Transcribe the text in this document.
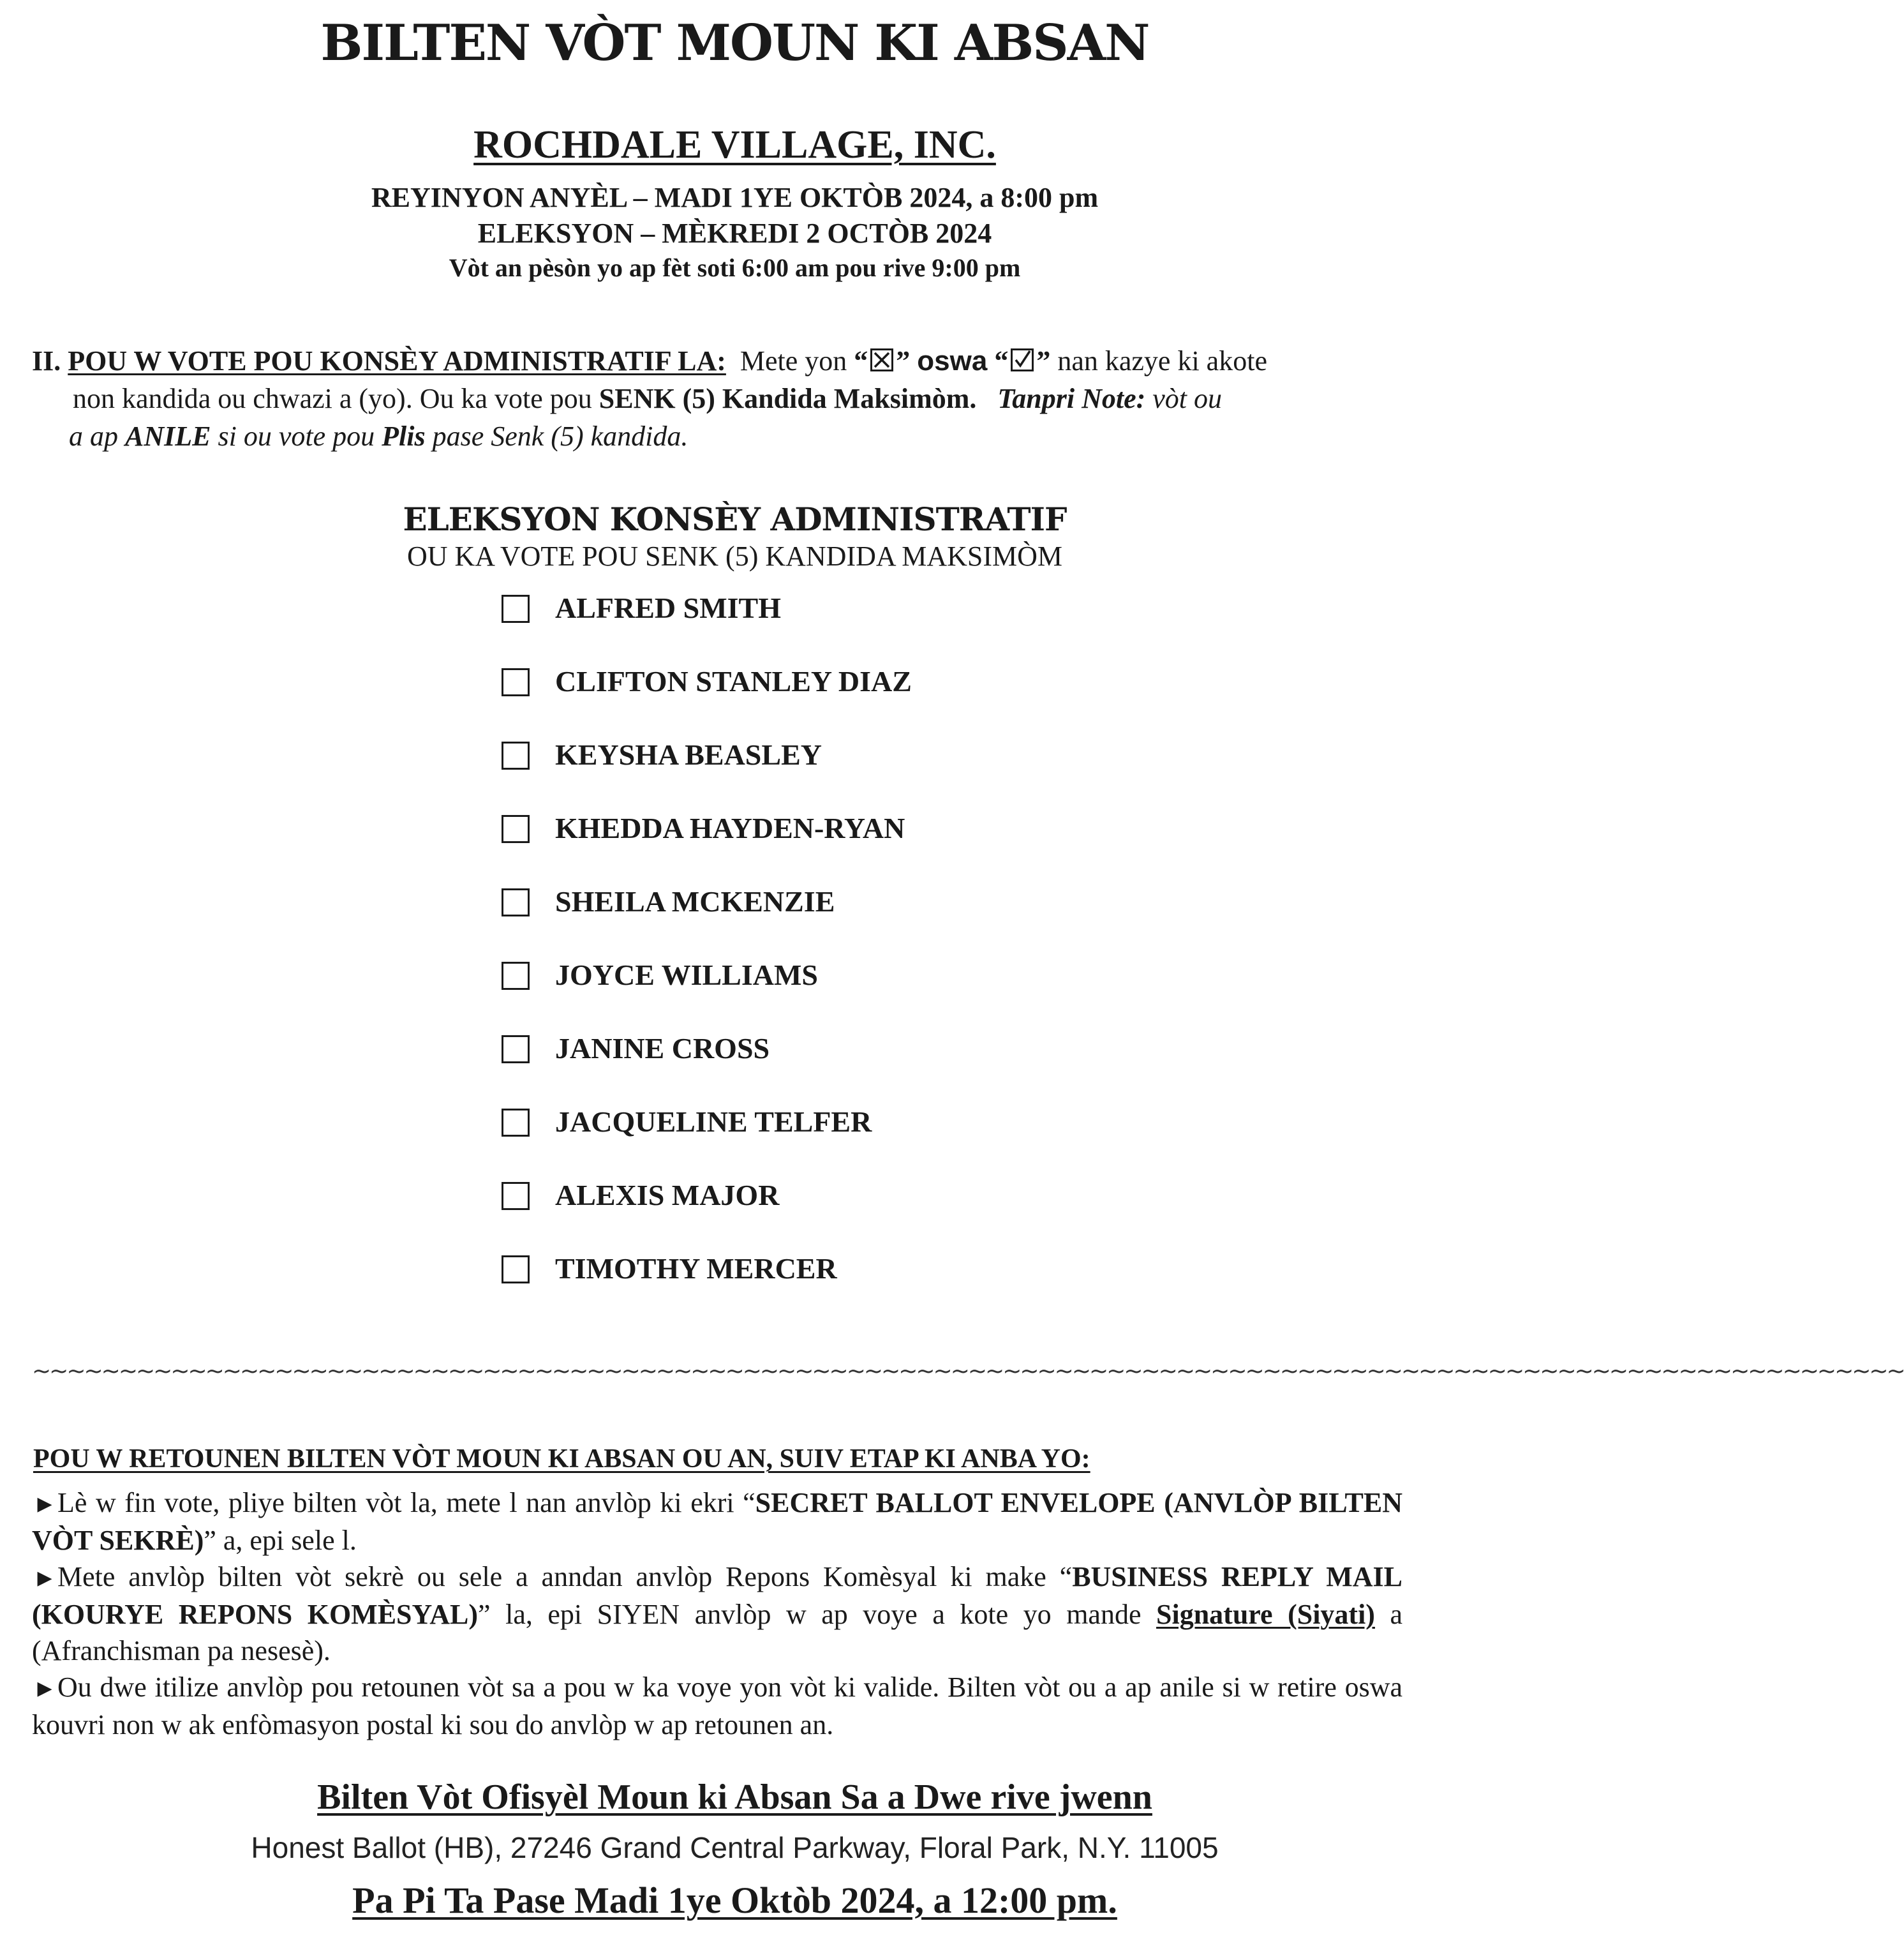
BILTEN VÒT MOUN KI ABSAN
ROCHDALE VILLAGE, INC.
REYINYON ANYÈL – MADI 1YE OKTÒB 2024, a 8:00 pm
ELEKSYON – MÈKREDI 2 OCTÒB 2024
Vòt an pèsòn yo ap fèt soti 6:00 am pou rive 9:00 pm
II. POU W VOTE POU KONSÈY ADMINISTRATIF LA: Mete yon “ ” oswa “ ” nan kazye ki akote
non kandida ou chwazi a (yo). Ou ka vote pou SENK (5) Kandida Maksimòm. Tanpri Note: vòt ou
a ap ANILE si ou vote pou Plis pase Senk (5) kandida.
ELEKSYON KONSÈY ADMINISTRATIF
OU KA VOTE POU SENK (5) KANDIDA MAKSIMÒM
ALFRED SMITH
CLIFTON STANLEY DIAZ
KEYSHA BEASLEY
KHEDDA HAYDEN-RYAN
SHEILA MCKENZIE
JOYCE WILLIAMS
JANINE CROSS
JACQUELINE TELFER
ALEXIS MAJOR
TIMOTHY MERCER
~~~~~~~~~~~~~~~~~~~~~~~~~~~~~~~~~~~~~~~~~~~~~~~~~~~~~~~~~~~~~~~~~~~~~~~~~~~~~~~~~~~~~~~~~~~~~~~~~~~~~~~~~~~~
POU W RETOUNEN BILTEN VÒT MOUN KI ABSAN OU AN, SUIV ETAP KI ANBA YO:

▶ Lè w fin vote, pliye bilten vòt la, mete l nan anvlòp ki ekri “SECRET BALLOT ENVELOPE (ANVLÒP BILTEN VÒT SEKRÈ)” a, epi sele l.

▶ Mete anvlòp bilten vòt sekrè ou sele a anndan anvlòp Repons Komèsyal ki make “BUSINESS REPLY MAIL (KOURYE REPONS KOMÈSYAL)” la, epi SIYEN anvlòp w ap voye a kote yo mande Signature (Siyati) a (Afranchisman pa nesesè).

▶ Ou dwe itilize anvlòp pou retounen vòt sa a pou w ka voye yon vòt ki valide. Bilten vòt ou a ap anile si w retire oswa kouvri non w ak enfòmasyon postal ki sou do anvlòp w ap retounen an.

Bilten Vòt Ofisyèl Moun ki Absan Sa a Dwe rive jwenn
Honest Ballot (HB), 27246 Grand Central Parkway, Floral Park, N.Y. 11005
Pa Pi Ta Pase Madi 1ye Oktòb 2024, a 12:00 pm.
